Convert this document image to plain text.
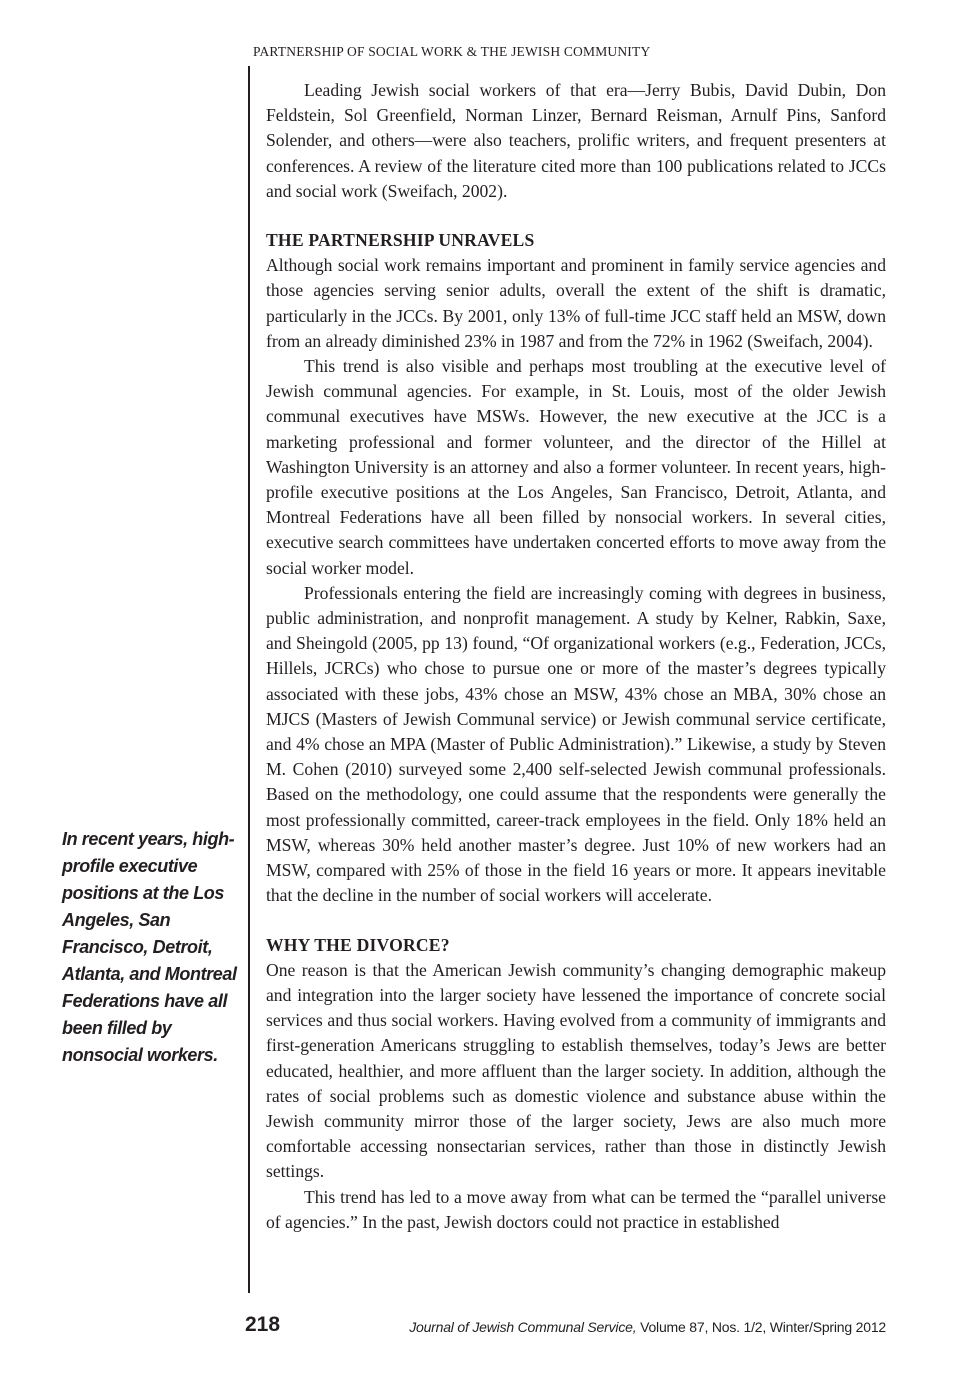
PARTNERSHIP OF SOCIAL WORK & THE JEWISH COMMUNITY

Leading Jewish social workers of that era—Jerry Bubis, David Dubin, Don Feldstein, Sol Greenfield, Norman Linzer, Bernard Reisman, Arnulf Pins, Sanford Solender, and others—were also teachers, prolific writers, and frequent presenters at conferences. A review of the literature cited more than 100 publications related to JCCs and social work (Sweifach, 2002).

THE PARTNERSHIP UNRAVELS

Although social work remains important and prominent in family service agencies and those agencies serving senior adults, overall the extent of the shift is dramatic, particularly in the JCCs. By 2001, only 13% of full-time JCC staff held an MSW, down from an already diminished 23% in 1987 and from the 72% in 1962 (Sweifach, 2004).

This trend is also visible and perhaps most troubling at the executive level of Jewish communal agencies. For example, in St. Louis, most of the older Jewish communal executives have MSWs. However, the new executive at the JCC is a marketing professional and former volunteer, and the director of the Hillel at Washington University is an attorney and also a former volunteer. In recent years, high-profile executive positions at the Los Angeles, San Francisco, Detroit, Atlanta, and Montreal Federations have all been filled by nonsocial workers. In several cities, executive search committees have undertaken concerted efforts to move away from the social worker model.

Professionals entering the field are increasingly coming with degrees in business, public administration, and nonprofit management. A study by Kelner, Rabkin, Saxe, and Sheingold (2005, pp 13) found, “Of organizational workers (e.g., Federation, JCCs, Hillels, JCRCs) who chose to pursue one or more of the master’s degrees typically associated with these jobs, 43% chose an MSW, 43% chose an MBA, 30% chose an MJCS (Masters of Jewish Communal service) or Jewish communal service certificate, and 4% chose an MPA (Master of Public Administration).” Likewise, a study by Steven M. Cohen (2010) surveyed some 2,400 self-selected Jewish communal professionals. Based on the methodology, one could assume that the respondents were generally the most professionally committed, career-track employees in the field. Only 18% held an MSW, whereas 30% held another master’s degree. Just 10% of new workers had an MSW, compared with 25% of those in the field 16 years or more. It appears inevitable that the decline in the number of social workers will accelerate.

WHY THE DIVORCE?

One reason is that the American Jewish community’s changing demographic makeup and integration into the larger society have lessened the importance of concrete social services and thus social workers. Having evolved from a community of immigrants and first-generation Americans struggling to establish themselves, today’s Jews are better educated, healthier, and more affluent than the larger society. In addition, although the rates of social problems such as domestic violence and substance abuse within the Jewish community mirror those of the larger society, Jews are also much more comfortable accessing nonsectarian services, rather than those in distinctly Jewish settings.

This trend has led to a move away from what can be termed the “parallel universe of agencies.” In the past, Jewish doctors could not practice in established

In recent years, high-profile executive positions at the Los Angeles, San Francisco, Detroit, Atlanta, and Montreal Federations have all been filled by nonsocial workers.
218	Journal of Jewish Communal Service, Volume 87, Nos. 1/2, Winter/Spring 2012
